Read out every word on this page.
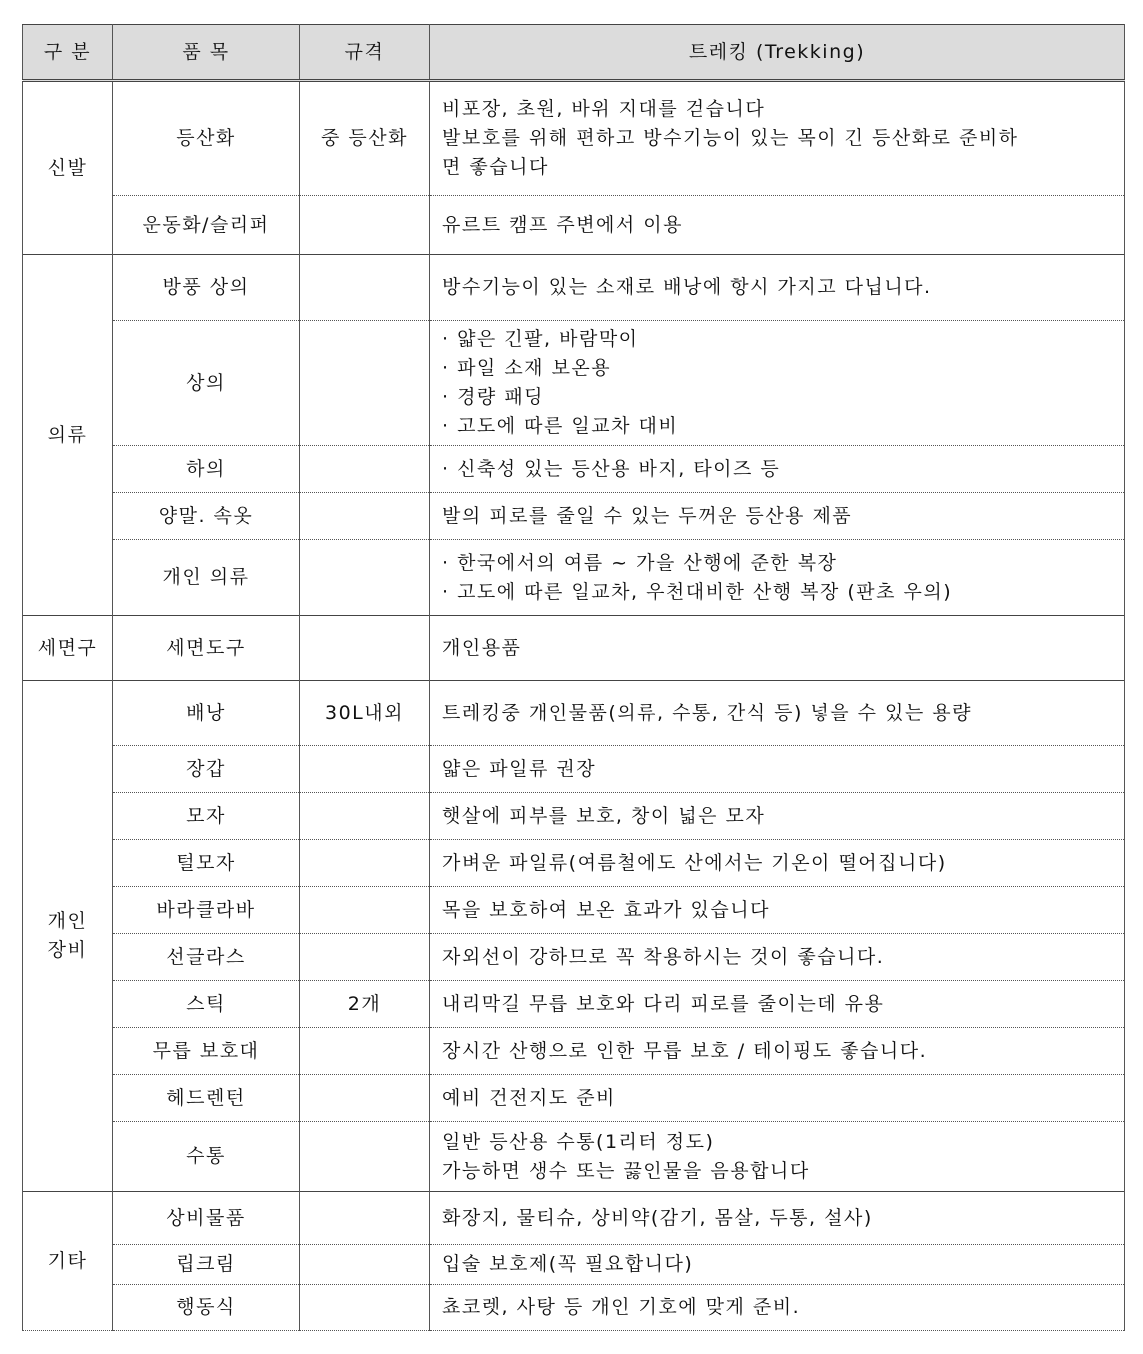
구 분	품 목	규격	트레킹 (Trekking)
신발	등산화	중 등산화	비포장, 초원, 바위 지대를 걷습니다
발보호를 위해 편하고 방수기능이 있는 목이 긴 등산화로 준비하
면 좋습니다

	운동화/슬리퍼		유르트 캠프 주변에서 이용

의류	방풍 상의		방수기능이 있는 소재로 배낭에 항시 가지고 다닙니다.

	상의		· 얇은 긴팔, 바람막이
· 파일 소재 보온용
· 경량 패딩
· 고도에 따른 일교차 대비

	하의		· 신축성 있는 등산용 바지, 타이즈 등

	양말. 속옷		발의 피로를 줄일 수 있는 두꺼운 등산용 제품

	개인 의류		· 한국에서의 여름 ~ 가을 산행에 준한 복장
· 고도에 따른 일교차, 우천대비한 산행 복장 (판초 우의)

세면구	세면도구		개인용품

개인
장비	배낭	30L내외	트레킹중 개인물품(의류, 수통, 간식 등) 넣을 수 있는 용량

	장갑		얇은 파일류 권장

	모자		햇살에 피부를 보호, 창이 넓은 모자

	털모자		가벼운 파일류(여름철에도 산에서는 기온이 떨어집니다)

	바라클라바		목을 보호하여 보온 효과가 있습니다

	선글라스		자외선이 강하므로 꼭 착용하시는 것이 좋습니다.

	스틱	2개	내리막길 무릅 보호와 다리 피로를 줄이는데 유용

	무릅 보호대		장시간 산행으로 인한 무릅 보호 / 테이핑도 좋습니다.

	헤드렌턴		예비 건전지도 준비

	수통		일반 등산용 수통(1리터 정도)
가능하면 생수 또는 끓인물을 음용합니다

기타	상비물품		화장지, 물티슈, 상비약(감기, 몸살, 두통, 설사)

	립크림		입술 보호제(꼭 필요합니다)

	행동식		쵸코렛, 사탕 등 개인 기호에 맞게 준비.
